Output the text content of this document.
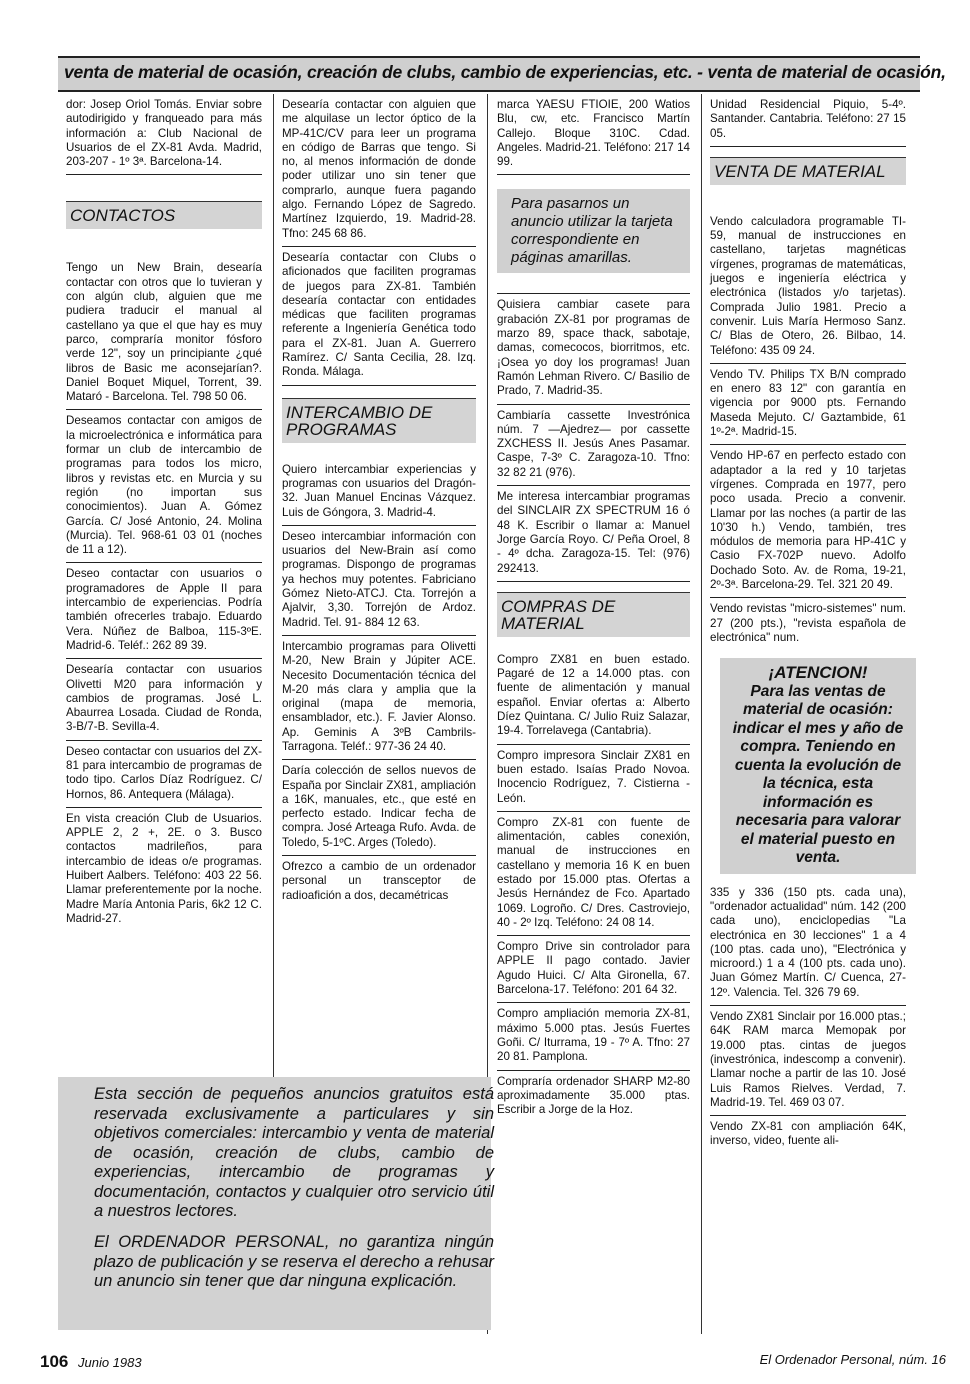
venta de material de ocasión, creación de clubs, cambio de experiencias, etc. - venta de material de ocasión,

dor: Josep Oriol Tomás. Enviar sobre autodirigido y franqueado para más información a: Club Nacional de Usuarios de el ZX-81 Avda. Madrid, 203-207 - 1º 3ª. Barcelona-14.

CONTACTOS

Tengo un New Brain, desearía contactar con otros que lo tuvieran y con algún club, alguien que me pudiera traducir el manual al castellano ya que el que hay es muy parco, compraría monitor fósforo verde 12", soy un principiante ¿qué libros de Basic me aconsejarían?. Daniel Boquet Miquel, Torrent, 39. Mataró - Barcelona. Tel. 798 50 06.

Deseamos contactar con amigos de la microelectrónica e informática para formar un club de intercambio de programas para todos los micro, libros y revistas etc. en Murcia y su región (no importan sus conocimientos). Juan A. Gómez García. C/ José Antonio, 24. Molina (Murcia). Tel. 968-61 03 01 (noches de 11 a 12).

Deseo contactar con usuarios o programadores de Apple II para intercambio de experiencias. Podría también ofrecerles trabajo. Eduardo Vera. Núñez de Balboa, 115-3ºE. Madrid-6. Teléf.: 262 89 39.

Desearía contactar con usuarios Olivetti M20 para información y cambios de programas. José L. Abaurrea Losada. Ciudad de Ronda, 3-B/7-B. Sevilla-4.

Deseo contactar con usuarios del ZX-81 para intercambio de programas de todo tipo. Carlos Díaz Rodríguez. C/ Hornos, 86. Antequera (Málaga).

En vista creación Club de Usuarios. APPLE 2, 2 +, 2E. o 3. Busco contactos madrileños, para intercambio de ideas o/e programas. Huibert Aalbers. Teléfono: 403 22 56. Llamar preferentemente por la noche. Madre María Antonia Paris, 6k2 12 C. Madrid-27.

Desearía contactar con alguien que me alquilase un lector óptico de la MP-41C/CV para leer un programa en código de Barras que tengo. Si no, al menos información de donde poder utilizar uno sin tener que comprarlo, aunque fuera pagando algo. Fernando López de Sagredo. Martínez Izquierdo, 19. Madrid-28. Tfno: 245 68 86.

Desearía contactar con Clubs o aficionados que faciliten programas de juegos para ZX-81. También desearía contactar con entidades médicas que faciliten programas referente a Ingeniería Genética todo para el ZX-81. Juan A. Guerrero Ramírez. C/ Santa Cecilia, 28. Izq. Ronda. Málaga.

INTERCAMBIO DE PROGRAMAS

Quiero intercambiar experiencias y programas con usuarios del Dragón-32. Juan Manuel Encinas Vázquez. Luis de Góngora, 3. Madrid-4.

Deseo intercambiar información con usuarios del New-Brain así como programas. Dispongo de programas ya hechos muy potentes. Fabriciano Gómez Nieto-ATCJ. Cta. Torrejón a Ajalvir, 3,30. Torrejón de Ardoz. Madrid. Tel. 91- 884 12 63.

Intercambio programas para Olivetti M-20, New Brain y Júpiter ACE. Necesito Documentación técnica del M-20 más clara y amplia que la original (mapa de memoria, ensamblador, etc.). F. Javier Alonso. Ap. Geminis A 3ºB Cambrils-Tarragona. Teléf.: 977-36 24 40.

Daría colección de sellos nuevos de España por Sinclair ZX81, ampliación a 16K, manuales, etc., que esté en perfecto estado. Indicar fecha de compra. José Arteaga Rufo. Avda. de Toledo, 5-1ºC. Arges (Toledo).

Ofrezco a cambio de un ordenador personal un transceptor de radioafición a dos, decamétricas

marca YAESU FTIOIE, 200 Watios Blu, cw, etc. Francisco Martín Callejo. Bloque 310C. Cdad. Angeles. Madrid-21. Teléfono: 217 14 99.

Para pasarnos un anuncio utilizar la tarjeta correspondiente en páginas amarillas.

Quisiera cambiar casete para grabación ZX-81 por programas de marzo 89, space thack, sabotaje, damas, comecocos, biorritmos, etc. ¡Osea yo doy los programas! Juan Ramón Lehman Rivero. C/ Basilio de Prado, 7. Madrid-35.

Cambiaría cassette Investrónica núm. 7 —Ajedrez— por cassette ZXCHESS II. Jesús Anes Pasamar. Caspe, 7-3º C. Zaragoza-10. Tfno: 32 82 21 (976).

Me interesa intercambiar programas del SINCLAIR ZX SPECTRUM 16 ó 48 K. Escribir o llamar a: Manuel Jorge García Royo. C/ Peña Oroel, 8 - 4º dcha. Zaragoza-15. Tel: (976) 292413.

COMPRAS DE MATERIAL

Compro ZX81 en buen estado. Pagaré de 12 a 14.000 ptas. con fuente de alimentación y manual español. Enviar ofertas a: Alberto Díez Quintana. C/ Julio Ruiz Salazar, 19-4. Torrelavega (Cantabria).

Compro impresora Sinclair ZX81 en buen estado. Isaías Prado Novoa. Inocencio Rodríguez, 7. Cistierna - León.

Compro ZX-81 con fuente de alimentación, cables conexión, manual de instrucciones en castellano y memoria 16 K en buen estado por 15.000 ptas. Ofertas a Jesús Hernández de Fco. Apartado 1069. Logroño. C/ Dres. Castroviejo, 40 - 2º Izq. Teléfono: 24 08 14.

Compro Drive sin controlador para APPLE II pago contado. Javier Agudo Huici. C/ Alta Gironella, 67. Barcelona-17. Teléfono: 201 64 32.

Compro ampliación memoria ZX-81, máximo 5.000 ptas. Jesús Fuertes Goñi. C/ Iturrama, 19 - 7º A. Tfno: 27 20 81. Pamplona.

Compraría ordenador SHARP M2-80 aproximadamente 35.000 ptas. Escribir a Jorge de la Hoz.

Unidad Residencial Piquio, 5-4º. Santander. Cantabria. Teléfono: 27 15 05.

VENTA DE MATERIAL

Vendo calculadora programable TI-59, manual de instrucciones en castellano, tarjetas magnéticas vírgenes, programas de matemáticas, juegos e ingeniería eléctrica y electrónica (listados y/o tarjetas). Comprada Julio 1981. Precio a convenir. Luis María Hermoso Sanz. C/ Blas de Otero, 26. Bilbao, 14. Teléfono: 435 09 24.

Vendo TV. Philips TX B/N comprado en enero 83 12" con garantía en vigencia por 9000 pts. Fernando Maseda Mejuto. C/ Gaztambide, 61 1º-2ª. Madrid-15.

Vendo HP-67 en perfecto estado con adaptador a la red y 10 tarjetas vírgenes. Comprada en 1977, pero poco usada. Precio a convenir. Llamar por las noches (a partir de las 10'30 h.) Vendo, también, tres módulos de memoria para HP-41C y Casio FX-702P nuevo. Adolfo Dochado Soto. Av. de Roma, 19-21, 2º-3ª. Barcelona-29. Tel. 321 20 49.

Vendo revistas "micro-sistemes" num. 27 (200 pts.), "revista española de electrónica" num.

¡ATENCION!
Para las ventas de material de ocasión: indicar el mes y año de compra. Teniendo en cuenta la evolución de la técnica, esta información es necesaria para valorar el material puesto en venta.

335 y 336 (150 pts. cada una), "ordenador actualidad" núm. 142 (200 cada uno), enciclopedias "La electrónica en 30 lecciones" 1 a 4 (100 ptas. cada uno), "Electrónica y microord.) 1 a 4 (100 pts. cada uno). Juan Gómez Martín. C/ Cuenca, 27-12º. Valencia. Tel. 326 79 69.

Vendo ZX81 Sinclair por 16.000 ptas.; 64K RAM marca Memopak por 19.000 ptas. cintas de juegos (investrónica, indescomp a convenir). Llamar noche a partir de las 10. José Luis Ramos Rielves. Verdad, 7. Madrid-19. Tel. 469 03 07.

Vendo ZX-81 con ampliación 64K, inverso, video, fuente ali-

Esta sección de pequeños anuncios gratuitos está reservada exclusivamente a particulares y sin objetivos comerciales: intercambio y venta de material de ocasión, creación de clubs, cambio de experiencias, intercambio de programas y documentación, contactos y cualquier otro servicio útil a nuestros lectores.

El ORDENADOR PERSONAL, no garantiza ningún plazo de publicación y se reserva el derecho a rehusar un anuncio sin tener que dar ninguna explicación.

106 Junio 1983	El Ordenador Personal, núm. 16
